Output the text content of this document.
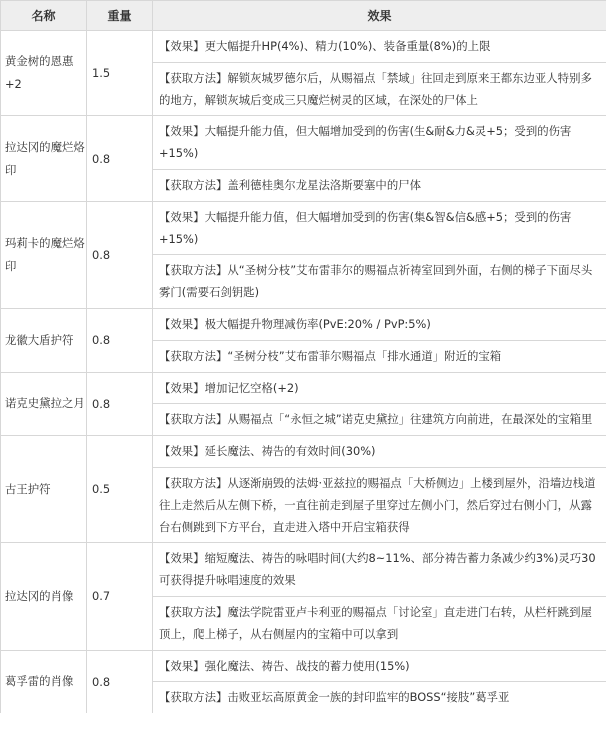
名称	重量	效果
黄金树的恩惠+2	1.5	【效果】更大幅提升HP(4%)、精力(10%)、装备重量(8%)的上限
		【获取方法】解锁灰城罗德尔后，从赐福点「禁域」往回走到原来王都东边亚人特别多的地方，解锁灰城后变成三只魔烂树灵的区域，在深处的尸体上
拉达冈的魔烂烙印	0.8	【效果】大幅提升能力值，但大幅增加受到的伤害(生&耐&力&灵+5；受到的伤害+15%)
		【获取方法】盖利德桂奥尔龙星法洛斯要塞中的尸体
玛莉卡的魔烂烙印	0.8	【效果】大幅提升能力值，但大幅增加受到的伤害(集&智&信&感+5；受到的伤害+15%)
		【获取方法】从“圣树分枝”艾布雷菲尔的赐福点祈祷室回到外面，右侧的梯子下面尽头雾门(需要石剑钥匙)
龙徽大盾护符	0.8	【效果】极大幅提升物理减伤率(PvE:20% / PvP:5%)
		【获取方法】“圣树分枝”艾布雷菲尔赐福点「排水通道」附近的宝箱
诺克史黛拉之月	0.8	【效果】增加记忆空格(+2)
		【获取方法】从赐福点「“永恒之城”诺克史黛拉」往建筑方向前进，在最深处的宝箱里
古王护符	0.5	【效果】延长魔法、祷告的有效时间(30%)
		【获取方法】从逐渐崩毁的法姆·亚兹拉的赐福点「大桥侧边」上楼到屋外，沿墙边栈道往上走然后从左侧下桥，一直往前走到屋子里穿过左侧小门，然后穿过右侧小门，从露台右侧跳到下方平台，直走进入塔中开启宝箱获得
拉达冈的肖像	0.7	【效果】缩短魔法、祷告的咏唱时间(大约8~11%、部分祷告蓄力条减少约3%)灵巧30可获得提升咏唱速度的效果
		【获取方法】魔法学院雷亚卢卡利亚的赐福点「讨论室」直走进门右转，从栏杆跳到屋顶上，爬上梯子，从右侧屋内的宝箱中可以拿到
葛孚雷的肖像	0.8	【效果】强化魔法、祷告、战技的蓄力使用(15%)
		【获取方法】击败亚坛高原黄金一族的封印监牢的BOSS“接肢”葛孚亚
